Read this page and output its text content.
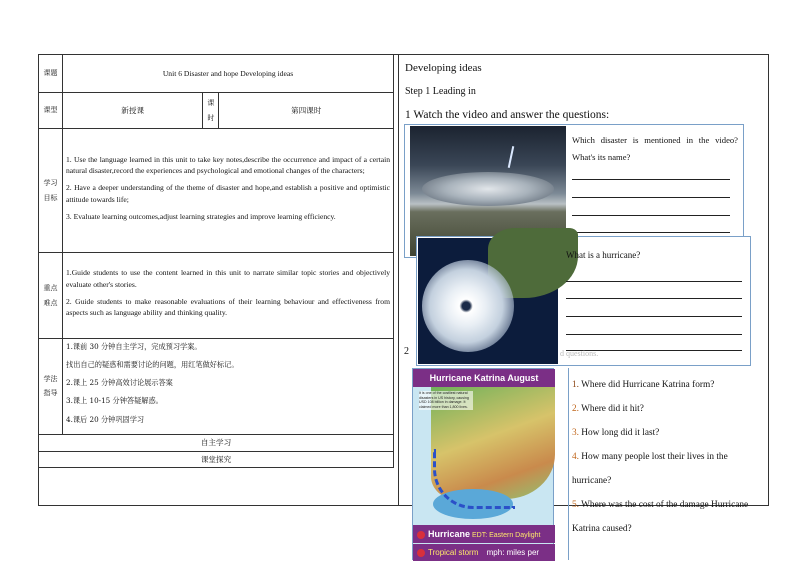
课题	Unit 6 Disaster and hope Developing ideas		
课型	新授课	课时	第四课时
学习目标	1. Use the language learned in this unit to take key notes,describe the occurrence and impact of a certain natural disaster,record the experiences and psychological and emotional changes of the characters;

2. Have a deeper understanding of the theme of disaster and hope,and establish a positive and optimistic attitude towards life;

3. Evaluate learning outcomes,adjust learning strategies and improve learning efficiency.		

重点难点	1.Guide students to use the content learned in this unit to narrate similar topic stories and objectively evaluate other's stories.

2. Guide students to make reasonable evaluations of their learning behaviour and effectiveness from aspects such as language ability and thinking quality.		

学法指导	1.课前 30 分钟自主学习，完成预习学案。

找出自己的疑惑和需要讨论的问题，用红笔做好标记。

2.课上 25 分钟高效讨论展示答案

3.课上 10-15 分钟答疑解惑。

4.课后 20 分钟巩固学习		

自主学习			
课堂探究			
Developing ideas
Step 1 Leading in
1 Watch the video and answer the questions:
Which disaster is mentioned in the video? What's its name?
What is a hurricane?
2	d questions.
Hurricane Katrina August
It is one of the costliest natural disasters in US history, causing USD 108 billion in damage. It claimed more than 1,800 lives.
Hurricane EDT: Eastern Daylight
Tropical storm mph: miles per hour
1. Where did Hurricane Katrina form?
2. Where did it hit?
3. How long did it last?
4. How many people lost their lives in the hurricane?
5. Where was the cost of the damage Hurricane Katrina caused?
